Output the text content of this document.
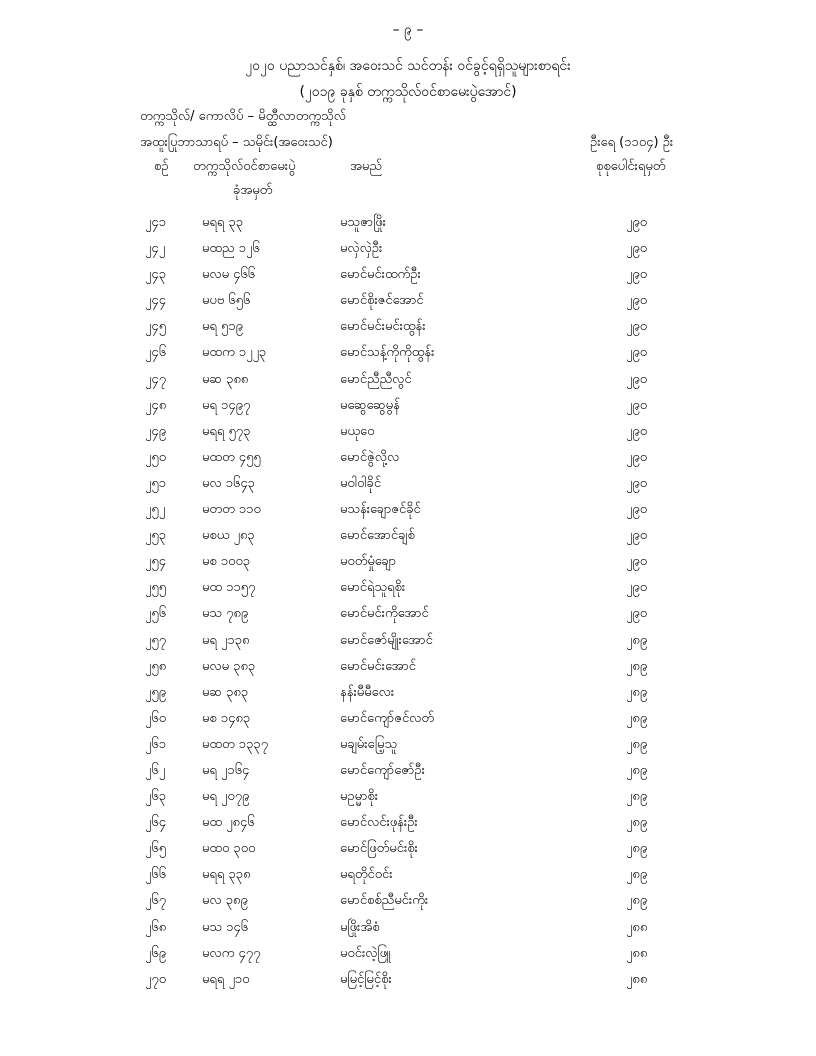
– ၉ –
၂၀၂၀ ပညာသင်နှစ်၊ အဝေးသင် သင်တန်း ဝင်ခွင့်ရရှိသူများစာရင်း
(၂၀၁၉ ခုနှစ် တက္ကသိုလ်ဝင်စာမေးပွဲအောင်)
တက္ကသိုလ်/ ကောလိပ် – မိတ္ထီလာတက္ကသိုလ်
အထူးပြုဘာသာရပ် – သမိုင်း(အဝေးသင်)	ဦးရေ (၁၁၀၄) ဦး
စဉ် တက္ကသိုလ်ဝင်စာမေးပွဲ
ခုံအမှတ်
အမည်	စုစုပေါင်းရမှတ်
၂၄၁	မရရ ၃၃	မသူဇာဖြိုး	၂၉၀
၂၄၂	မထည ၁၂၆	မလှဲလှဲဦး	၂၉၀
၂၄၃	မလမ ၄၆၆	မောင်မင်းထက်ဦး	၂၉၀
၂၄၄	မပဗ ၆၅၆	မောင်စိုးဇင်အောင်	၂၉၀
၂၄၅	မရ ၅၁၉	မောင်မင်းမင်းထွန်း	၂၉၀
၂၄၆	မထက ၁၂၂၃	မောင်သန့်ကိုကိုထွန်း	၂၉၀
၂၄၇	မဆ ၃၈၈	မောင်ညီညီလွင်	၂၉၀
၂၄၈	မရ ၁၄၉၇	မဆွေဆွေမွန်	၂၉၀
၂၄၉	မရရ ၅၇၃	မယုဝေ	၂၉၀
၂၅၀	မထတ ၄၅၅	မောင်ဇွဲလို့လ	၂၉၀
၂၅၁	မလ ၁၆၄၃	မဝါဝါခိုင်	၂၉၀
၂၅၂	မတတ ၁၁၀	မသန်းချောဇင်ခိုင်	၂၉၀
၂၅၃	မစယ ၂၈၃	မောင်အောင်ချစ်	၂၉၀
၂၅၄	မစ ၁၀၀၃	မဝတ်မှုံချော	၂၉၀
၂၅၅	မထ ၁၁၅၇	မောင်ရဲသူရစိုး	၂၉၀
၂၅၆	မသ ၇၈၉	မောင်မင်းကိုအောင်	၂၉၀
၂၅၇	မရ ၂၁၃၈	မောင်ဇော်မျိုးအောင်	၂၈၉
၂၅၈	မလမ ၃၈၃	မောင်မင်းအောင်	၂၈၉
၂၅၉	မဆ ၃၈၃	နန်းမီမီလေး	၂၈၉
၂၆၀	မစ ၁၄၈၃	မောင်ကျော်ဇင်လတ်	၂၈၉
၂၆၁	မထတ ၁၃၃၇	မချမ်းမြေ့သူ	၂၈၉
၂၆၂	မရ ၂၁၆၄	မောင်ကျော်ဇော်ဦး	၂၈၉
၂၆၃	မရ ၂၀၇၉	မဥမ္မာစိုး	၂၈၉
၂၆၄	မထ ၂၈၄၆	မောင်လင်းဖုန်းဦး	၂၈၉
၂၆၅	မထဝ ၃၀၀	မောင်ဖြတ်မင်းစိုး	၂၈၉
၂၆၆	မရရ ၃၃၈	မရတိုင်ဝင်း	၂၈၉
၂၆၇	မလ ၃၈၉	မောင်စစ်ညီမင်းကိုး	၂၈၉
၂၆၈	မသ ၁၄၆	မဖြိုးအိစံ	၂၈၈
၂၆၉	မလက ၄၇၇	မဝင်းလဲ့ဖြူ	၂၈၈
၂၇၀	မရရ ၂၁၀	မမြင့်မြင့်စိုး	၂၈၈
